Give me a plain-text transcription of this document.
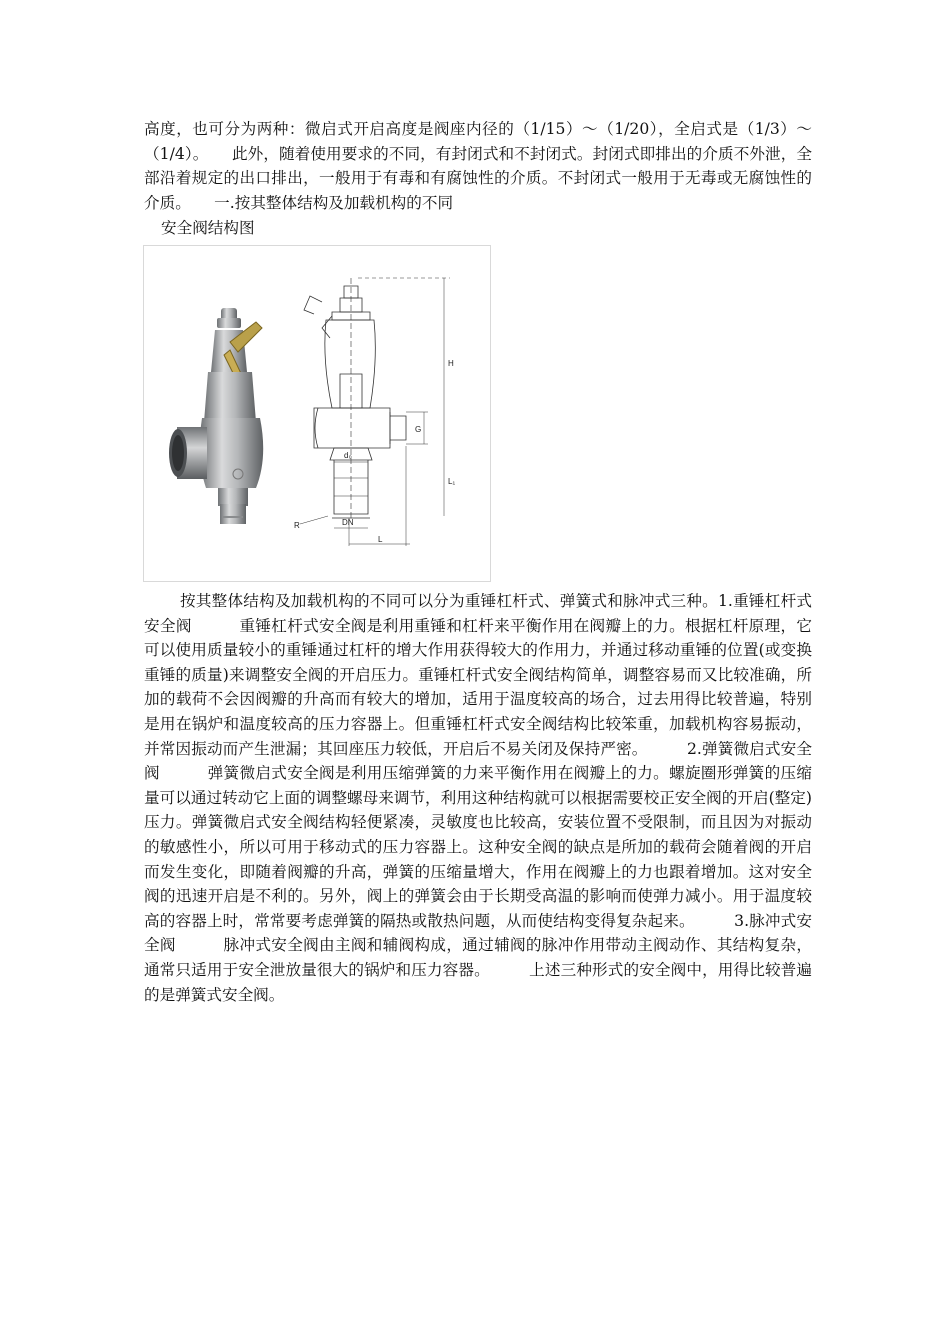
高度，也可分为两种：微启式开启高度是阀座内径的（1/15）～（1/20），全启式是（1/3）～（1/4）。　　此外，随着使用要求的不同，有封闭式和不封闭式。封闭式即排出的介质不外泄，全部沿着规定的出口排出，一般用于有毒和有腐蚀性的介质。不封闭式一般用于无毒或无腐蚀性的介质。　　一.按其整体结构及加载机构的不同
安全阀结构图
H
G
L₁
d₀
R	DN
L
按其整体结构及加载机构的不同可以分为重锤杠杆式、弹簧式和脉冲式三种。1.重锤杠杆式安全阀　　　重锤杠杆式安全阀是利用重锤和杠杆来平衡作用在阀瓣上的力。根据杠杆原理，它可以使用质量较小的重锤通过杠杆的增大作用获得较大的作用力，并通过移动重锤的位置(或变换重锤的质量)来调整安全阀的开启压力。重锤杠杆式安全阀结构简单，调整容易而又比较准确，所加的载荷不会因阀瓣的升高而有较大的增加，适用于温度较高的场合，过去用得比较普遍，特别是用在锅炉和温度较高的压力容器上。但重锤杠杆式安全阀结构比较笨重，加载机构容易振动，并常因振动而产生泄漏；其回座压力较低，开启后不易关闭及保持严密。　　　2.弹簧微启式安全阀　　　弹簧微启式安全阀是利用压缩弹簧的力来平衡作用在阀瓣上的力。螺旋圈形弹簧的压缩量可以通过转动它上面的调整螺母来调节，利用这种结构就可以根据需要校正安全阀的开启(整定)压力。弹簧微启式安全阀结构轻便紧凑，灵敏度也比较高，安装位置不受限制，而且因为对振动的敏感性小，所以可用于移动式的压力容器上。这种安全阀的缺点是所加的载荷会随着阀的开启而发生变化，即随着阀瓣的升高，弹簧的压缩量增大，作用在阀瓣上的力也跟着增加。这对安全阀的迅速开启是不利的。另外，阀上的弹簧会由于长期受高温的影响而使弹力减小。用于温度较高的容器上时，常常要考虑弹簧的隔热或散热问题，从而使结构变得复杂起来。　　　3.脉冲式安全阀　　　脉冲式安全阀由主阀和辅阀构成，通过辅阀的脉冲作用带动主阀动作、其结构复杂，通常只适用于安全泄放量很大的锅炉和压力容器。　　　上述三种形式的安全阀中，用得比较普遍的是弹簧式安全阀。
